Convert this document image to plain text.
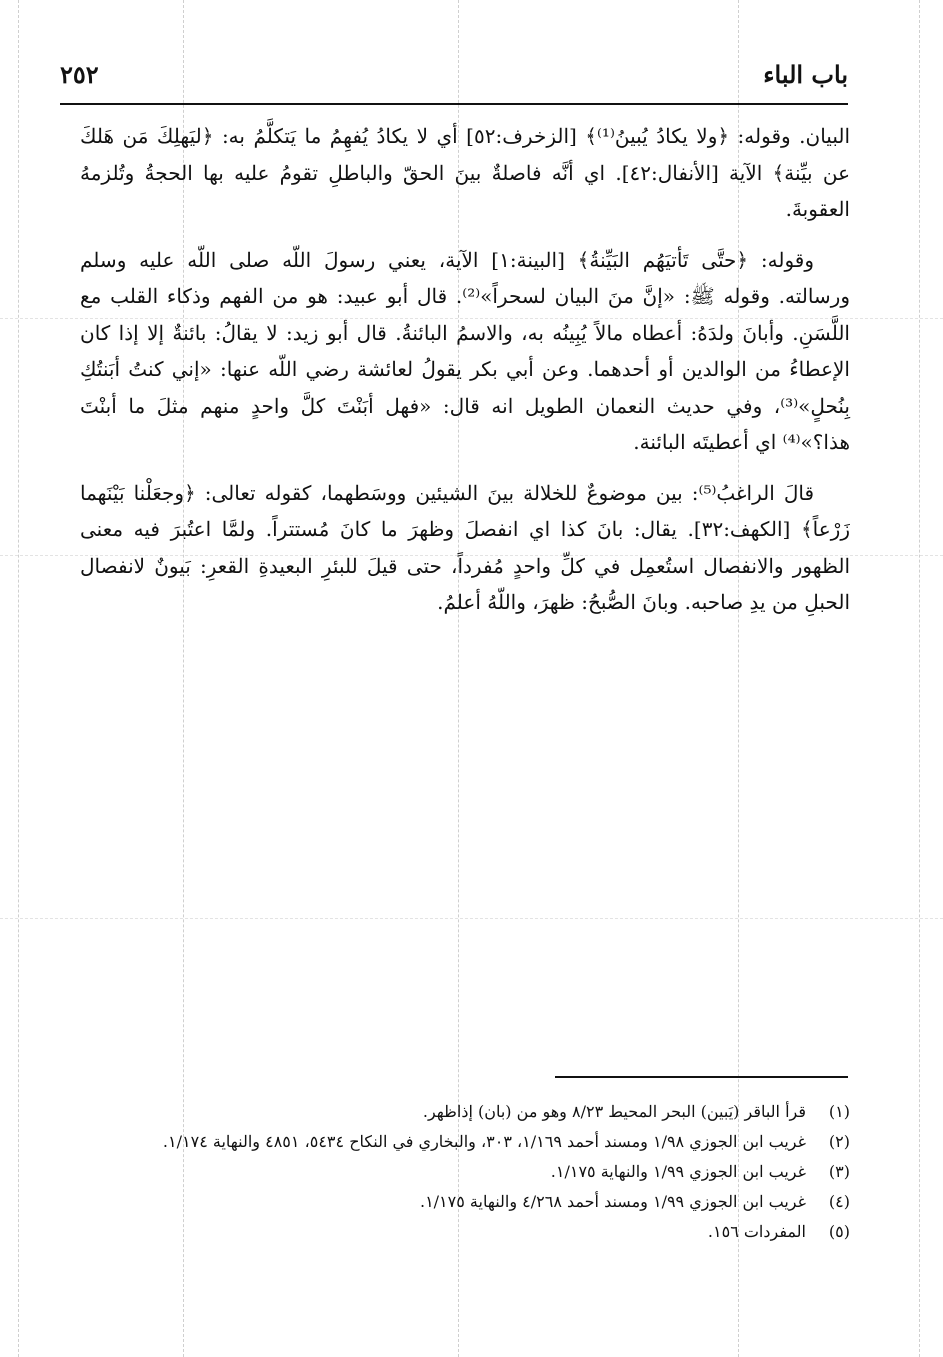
باب الباء
٢٥٢

البيان. وقوله: ﴿ولا يكادُ يُبينُ⁽¹⁾﴾ [الزخرف:٥٢] أي لا يكادُ يُفهِمُ ما يَتكلَّمُ به: ﴿ليَهلِكَ مَن هَلكَ عن بيِّنة﴾ الآية [الأنفال:٤٢]. اي أنَّه فاصلةٌ بينَ الحقّ والباطلِ تقومُ عليه بها الحجةُ وتُلزمهُ العقوبةَ.

وقوله: ﴿حتَّى تَأتيَهُم البَيِّنةُ﴾ [البينة:١] الآية، يعني رسولَ اللّه صلى اللّه عليه وسلم ورسالته. وقوله ﷺ: «إنَّ منَ البيان لسحراً»⁽²⁾. قال أبو عبيد: هو من الفهم وذكاء القلب مع اللَّسَنِ. وأبانَ ولدَهُ: أعطاه مالاً يُبِينُه به، والاسمُ البائنةُ. قال أبو زيد: لا يقالُ: بائنةٌ إلا إذا كان الإعطاءُ من الوالدين أو أحدهما. وعن أبي بكر يقولُ لعائشة رضي اللّه عنها: «إني كنتُ أبَنتُكِ بِنُحلٍ»⁽³⁾، وفي حديث النعمان الطويل انه قال: «فهل أبَنْتَ كلَّ واحدٍ منهم مثلَ ما أبنْتَ هذا؟»⁽⁴⁾ اي أعطيتَه البائنة.

قالَ الراغبُ⁽⁵⁾: بين موضوعٌ للخلالة بينَ الشيئين ووسَطهما، كقوله تعالى: ﴿وجعَلْنا بَيْنَهما زَرْعاً﴾ [الكهف:٣٢]. يقال: بانَ كذا اي انفصلَ وظهرَ ما كانَ مُستتراً. ولمَّا اعتُبرَ فيه معنى الظهور والانفصال استُعمِل في كلِّ واحدٍ مُفرداً، حتى قيلَ للبئرِ البعيدةِ القعرِ: بَيونٌ لانفصال الحبلِ من يدِ صاحبه. وبانَ الصُّبحُ: ظهرَ، واللّهُ أعلمُ.

(١)
قرأ الباقر (يَبين) البحر المحيط ٨/٢٣ وهو من (بان) إذاظهر.
(٢)
غريب ابن الجوزي ١/٩٨ ومسند أحمد ١/١٦٩، ٣٠٣، والبخاري في النكاح ٥٤٣٤، ٤٨٥١ والنهاية ١/١٧٤.
(٣)
غريب ابن الجوزي ١/٩٩ والنهاية ١/١٧٥.
(٤)
غريب ابن الجوزي ١/٩٩ ومسند أحمد ٤/٢٦٨ والنهاية ١/١٧٥.
(٥)
المفردات ١٥٦.
